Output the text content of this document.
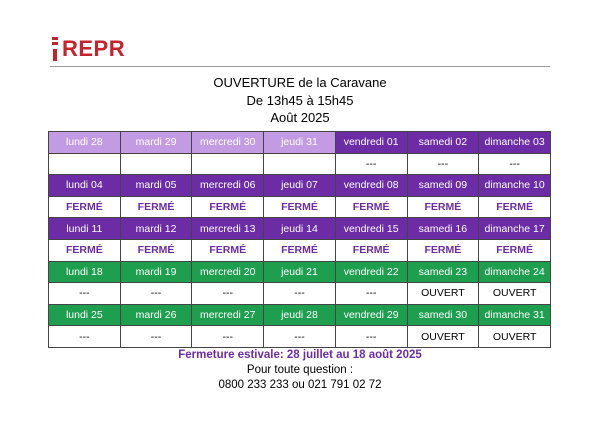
REPR
OUVERTURE de la Caravane
De 13h45 à 15h45
Août 2025
lundi 28	mardi 29	mercredi 30	jeudi 31	vendredi 01	samedi 02	dimanche 03
				---	---	---
lundi 04	mardi 05	mercredi 06	jeudi 07	vendredi 08	samedi 09	dimanche 10
FERMÉ	FERMÉ	FERMÉ	FERMÉ	FERMÉ	FERMÉ	FERMÉ
lundi 11	mardi 12	mercredi 13	jeudi 14	vendredi 15	samedi 16	dimanche 17
FERMÉ	FERMÉ	FERMÉ	FERMÉ	FERMÉ	FERMÉ	FERMÉ
lundi 18	mardi 19	mercredi 20	jeudi 21	vendredi 22	samedi 23	dimanche 24
---	---	---	---	---	OUVERT	OUVERT
lundi 25	mardi 26	mercredi 27	jeudi 28	vendredi 29	samedi 30	dimanche 31
---	---	---	---	---	OUVERT	OUVERT
Fermeture estivale: 28 juillet au 18 août 2025
Pour toute question :
0800 233 233 ou 021 791 02 72
